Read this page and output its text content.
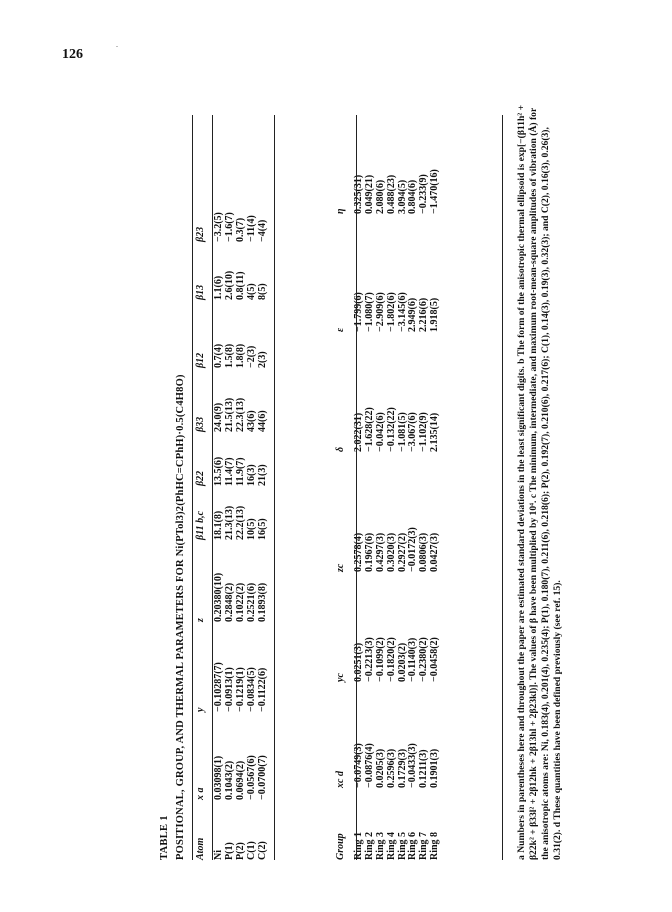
126
.
TABLE 1 POSITIONAL, GROUP, AND THERMAL PARAMETERS FOR Ni(PTol3)2(PhHC=CPhH)·0.5(C4H8O) Atom	x a	y	z	β11 b,c	β22	β33	β12	β13	β23
Ni	0.03098(1)	−0.10287(7)	0.20380(10)	18.1(8)	13.5(6)	24.0(9)	0.7(4)	1.1(6)	−3.2(5)
P(1)	0.1043(2)	−0.0913(1)	0.2848(2)	21.3(13)	11.4(7)	21.5(13)	1.5(8)	2.6(10)	−1.6(7)
P(2)	0.0694(2)	−0.1219(1)	0.1022(2)	22.2(13)	11.9(7)	22.3(13)	1.8(8)	0.8(11)	0.3(7)
C(1)	−0.0567(6)	−0.0834(5)	0.2521(6)	10(5)	16(3)	43(6)	−2(3)	4(5)	−11(4)
C(2)	−0.0700(7)	−0.1122(6)	0.1893(8)	16(5)	21(3)	44(6)	2(3)	8(5)	−4(4)
Group	xc d	yc	zc	δ	ε	η
Ring 1	−0.0749(3)	0.0251(3)	0.2578(4)	2.022(31)	−1.799(6)	0.325(31)
Ring 2	−0.0876(4)	−0.2213(3)	0.1967(6)	−1.628(22)	−1.080(7)	0.049(21)
Ring 3	0.0205(3)	−0.1099(2)	0.4297(3)	−0.042(6)	−2.909(6)	2.080(6)
Ring 4	0.2596(3)	−0.1820(2)	0.3020(3)	−0.132(22)	−1.802(6)	0.488(23)
Ring 5	0.1729(3)	0.0203(2)	0.2927(2)	−1.081(5)	−3.145(6)	3.094(5)
Ring 6	−0.0433(3)	−0.1140(3)	−0.0172(3)	−3.067(6)	2.949(6)	0.804(6)
Ring 7	0.1211(3)	−0.2380(2)	0.0806(3)	−1.102(9)	2.216(6)	−0.233(9)
Ring 8	0.1901(3)	−0.0458(2)	0.0427(3)	2.135(14)	1.918(5)	−1.470(16)	a Numbers in parentheses here and throughout the paper are estimated standard deviations in the least significant digits. b The form of the anisotropic thermal ellipsoid is exp[−(β11h² + β22k² + β33l² + 2β12hk + 2β13hl + 2β23kl)]. The values of β have been multiplied by 10⁴. c The minimum, intermediate, and maximum root-mean-square amplitudes of vibration (Å) for the anisotropic atoms are: Ni, 0.183(4), 0.201(4), 0.235(4); P(1), 0.180(7), 0.211(6), 0.218(6); P(2), 0.192(7), 0.210(6), 0.217(6); C(1), 0.14(3), 0.19(3), 0.32(3); and C(2), 0.16(3), 0.26(3), 0.31(2). d These quantities have been defined previously (see ref. 15).
